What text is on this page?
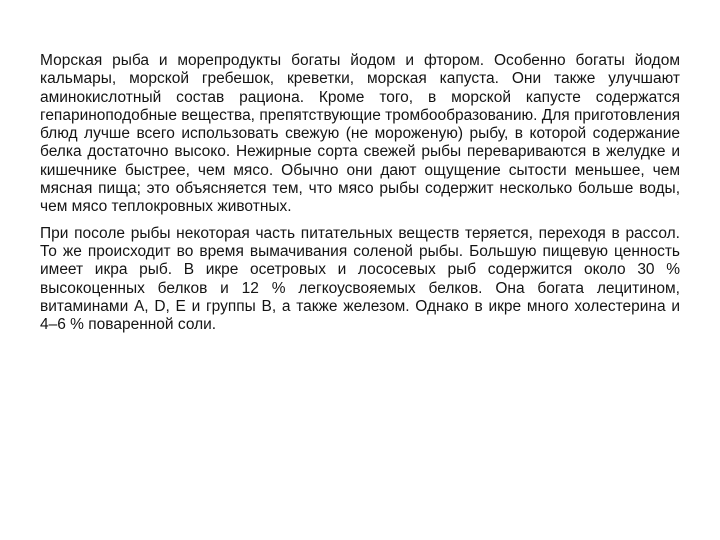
Морская рыба и морепродукты богаты йодом и фтором. Особенно богаты йодом кальмары, морской гребешок, креветки, морская капуста. Они также улучшают аминокислотный состав рациона. Кроме того, в морской капусте содержатся гепариноподобные вещества, препятствующие тромбообразованию. Для приготовления блюд лучше всего использовать свежую (не мороженую) рыбу, в которой содержание белка достаточно высоко. Нежирные сорта свежей рыбы перевариваются в желудке и кишечнике быстрее, чем мясо. Обычно они дают ощущение сытости меньшее, чем мясная пища; это объясняется тем, что мясо рыбы содержит несколько больше воды, чем мясо теплокровных животных.

При посоле рыбы некоторая часть питательных веществ теряется, переходя в рассол. То же происходит во время вымачивания соленой рыбы. Большую пищевую ценность имеет икра рыб. В икре осетровых и лососевых рыб содержится около 30 % высокоценных белков и 12 % легкоусвояемых белков. Она богата лецитином, витаминами A, D, E и группы B, а также железом. Однако в икре много холестерина и 4–6 % поваренной соли.
